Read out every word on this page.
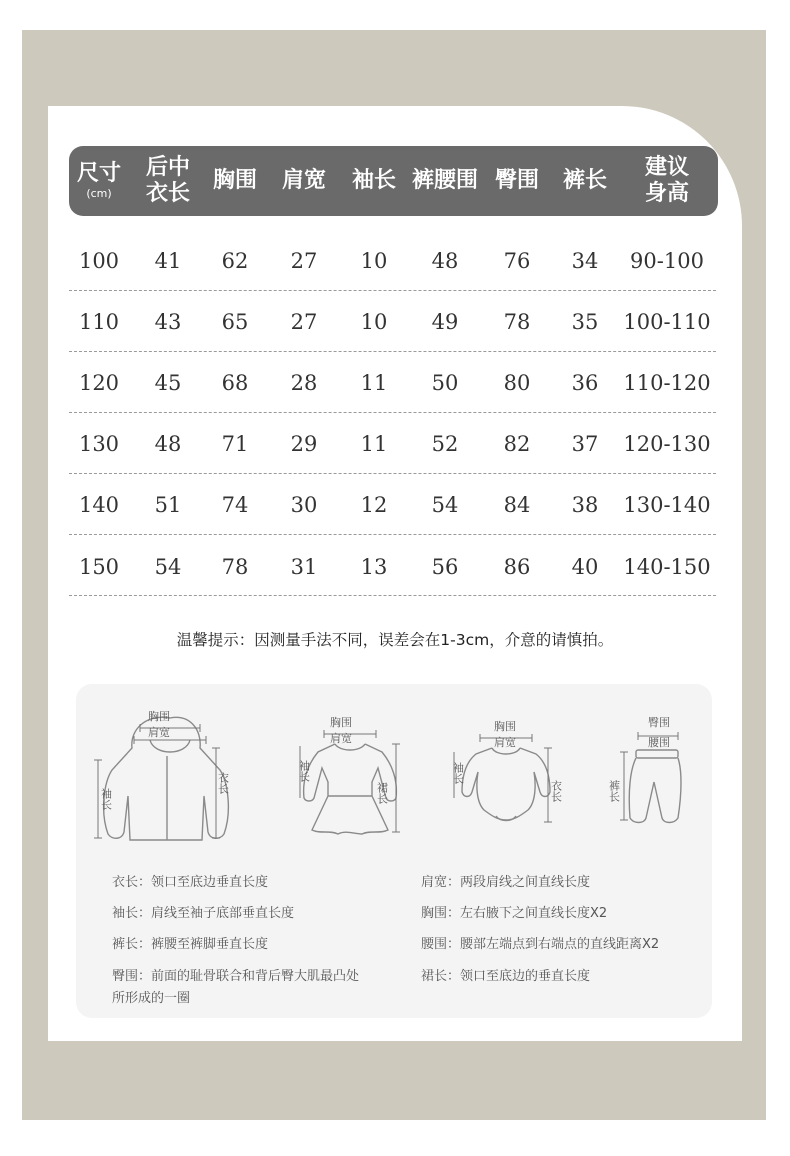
尺寸
(cm)
后中
衣长
胸围 肩宽 袖长 裤腰围 臀围 裤长
建议
身高
100 41 62 27 10 48 76 34 90-100
110 43 65 27 10 49 78 35 100-110
120 45 68 28 11 50 80 36 110-120
130 48 71 29 11 52 82 37 120-130
140 51 74 30 12 54 84 38 130-140
150 54 78 31 13 56 86 40 140-150
温馨提示：因测量手法不同，误差会在1-3cm，介意的请慎拍。
胸围
肩宽
衣长
袖长
胸围
肩宽
裙长
袖长
胸围
肩宽
衣长
袖长
臀围
腰围
裤长
衣长：领口至底边垂直长度
袖长：肩线至袖子底部垂直长度
裤长：裤腰至裤脚垂直长度
臀围：前面的耻骨联合和背后臀大肌最凸处
所形成的一圈
肩宽：两段肩线之间直线长度
胸围：左右腋下之间直线长度X2
腰围：腰部左端点到右端点的直线距离X2
裙长：领口至底边的垂直长度
